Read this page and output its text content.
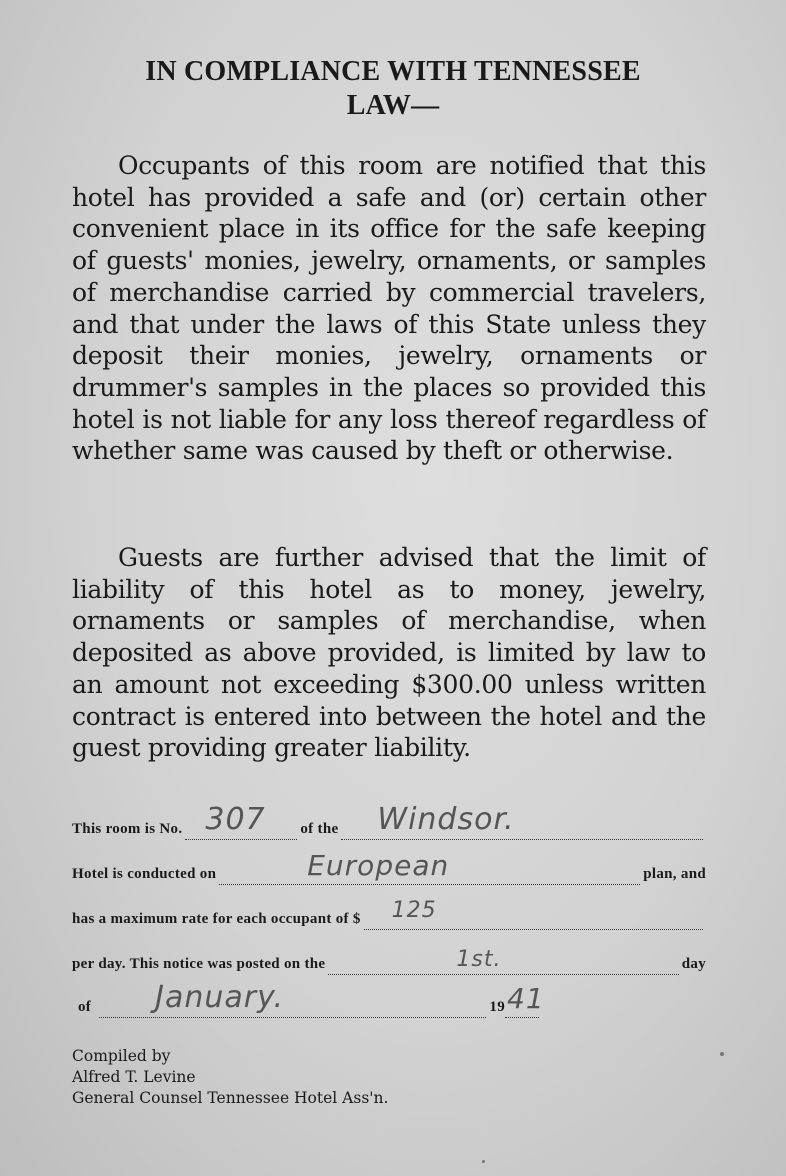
IN COMPLIANCE WITH TENNESSEE
LAW—
Occupants of this room are notified that this hotel has provided a safe and (or) certain other convenient place in its office for the safe keeping of guests' monies, jewelry, ornaments, or samples of merchandise carried by commercial travelers, and that under the laws of this State unless they deposit their monies, jewelry, ornaments or drummer's samples in the places so provided this hotel is not liable for any loss thereof regardless of whether same was caused by theft or otherwise.
Guests are further advised that the limit of liability of this hotel as to money, jewelry, ornaments or samples of merchandise, when deposited as above provided, is limited by law to an amount not exceeding $300.00 unless written contract is entered into between the hotel and the guest providing greater liability.
This room is No. 307 of the Windsor.
Hotel is conducted on	European	plan, and
has a maximum rate for each occupant of $ 125
per day. This notice was posted on the	1st.	day
of January.	19 41
Compiled by
Alfred T. Levine
General Counsel Tennessee Hotel Ass'n.
